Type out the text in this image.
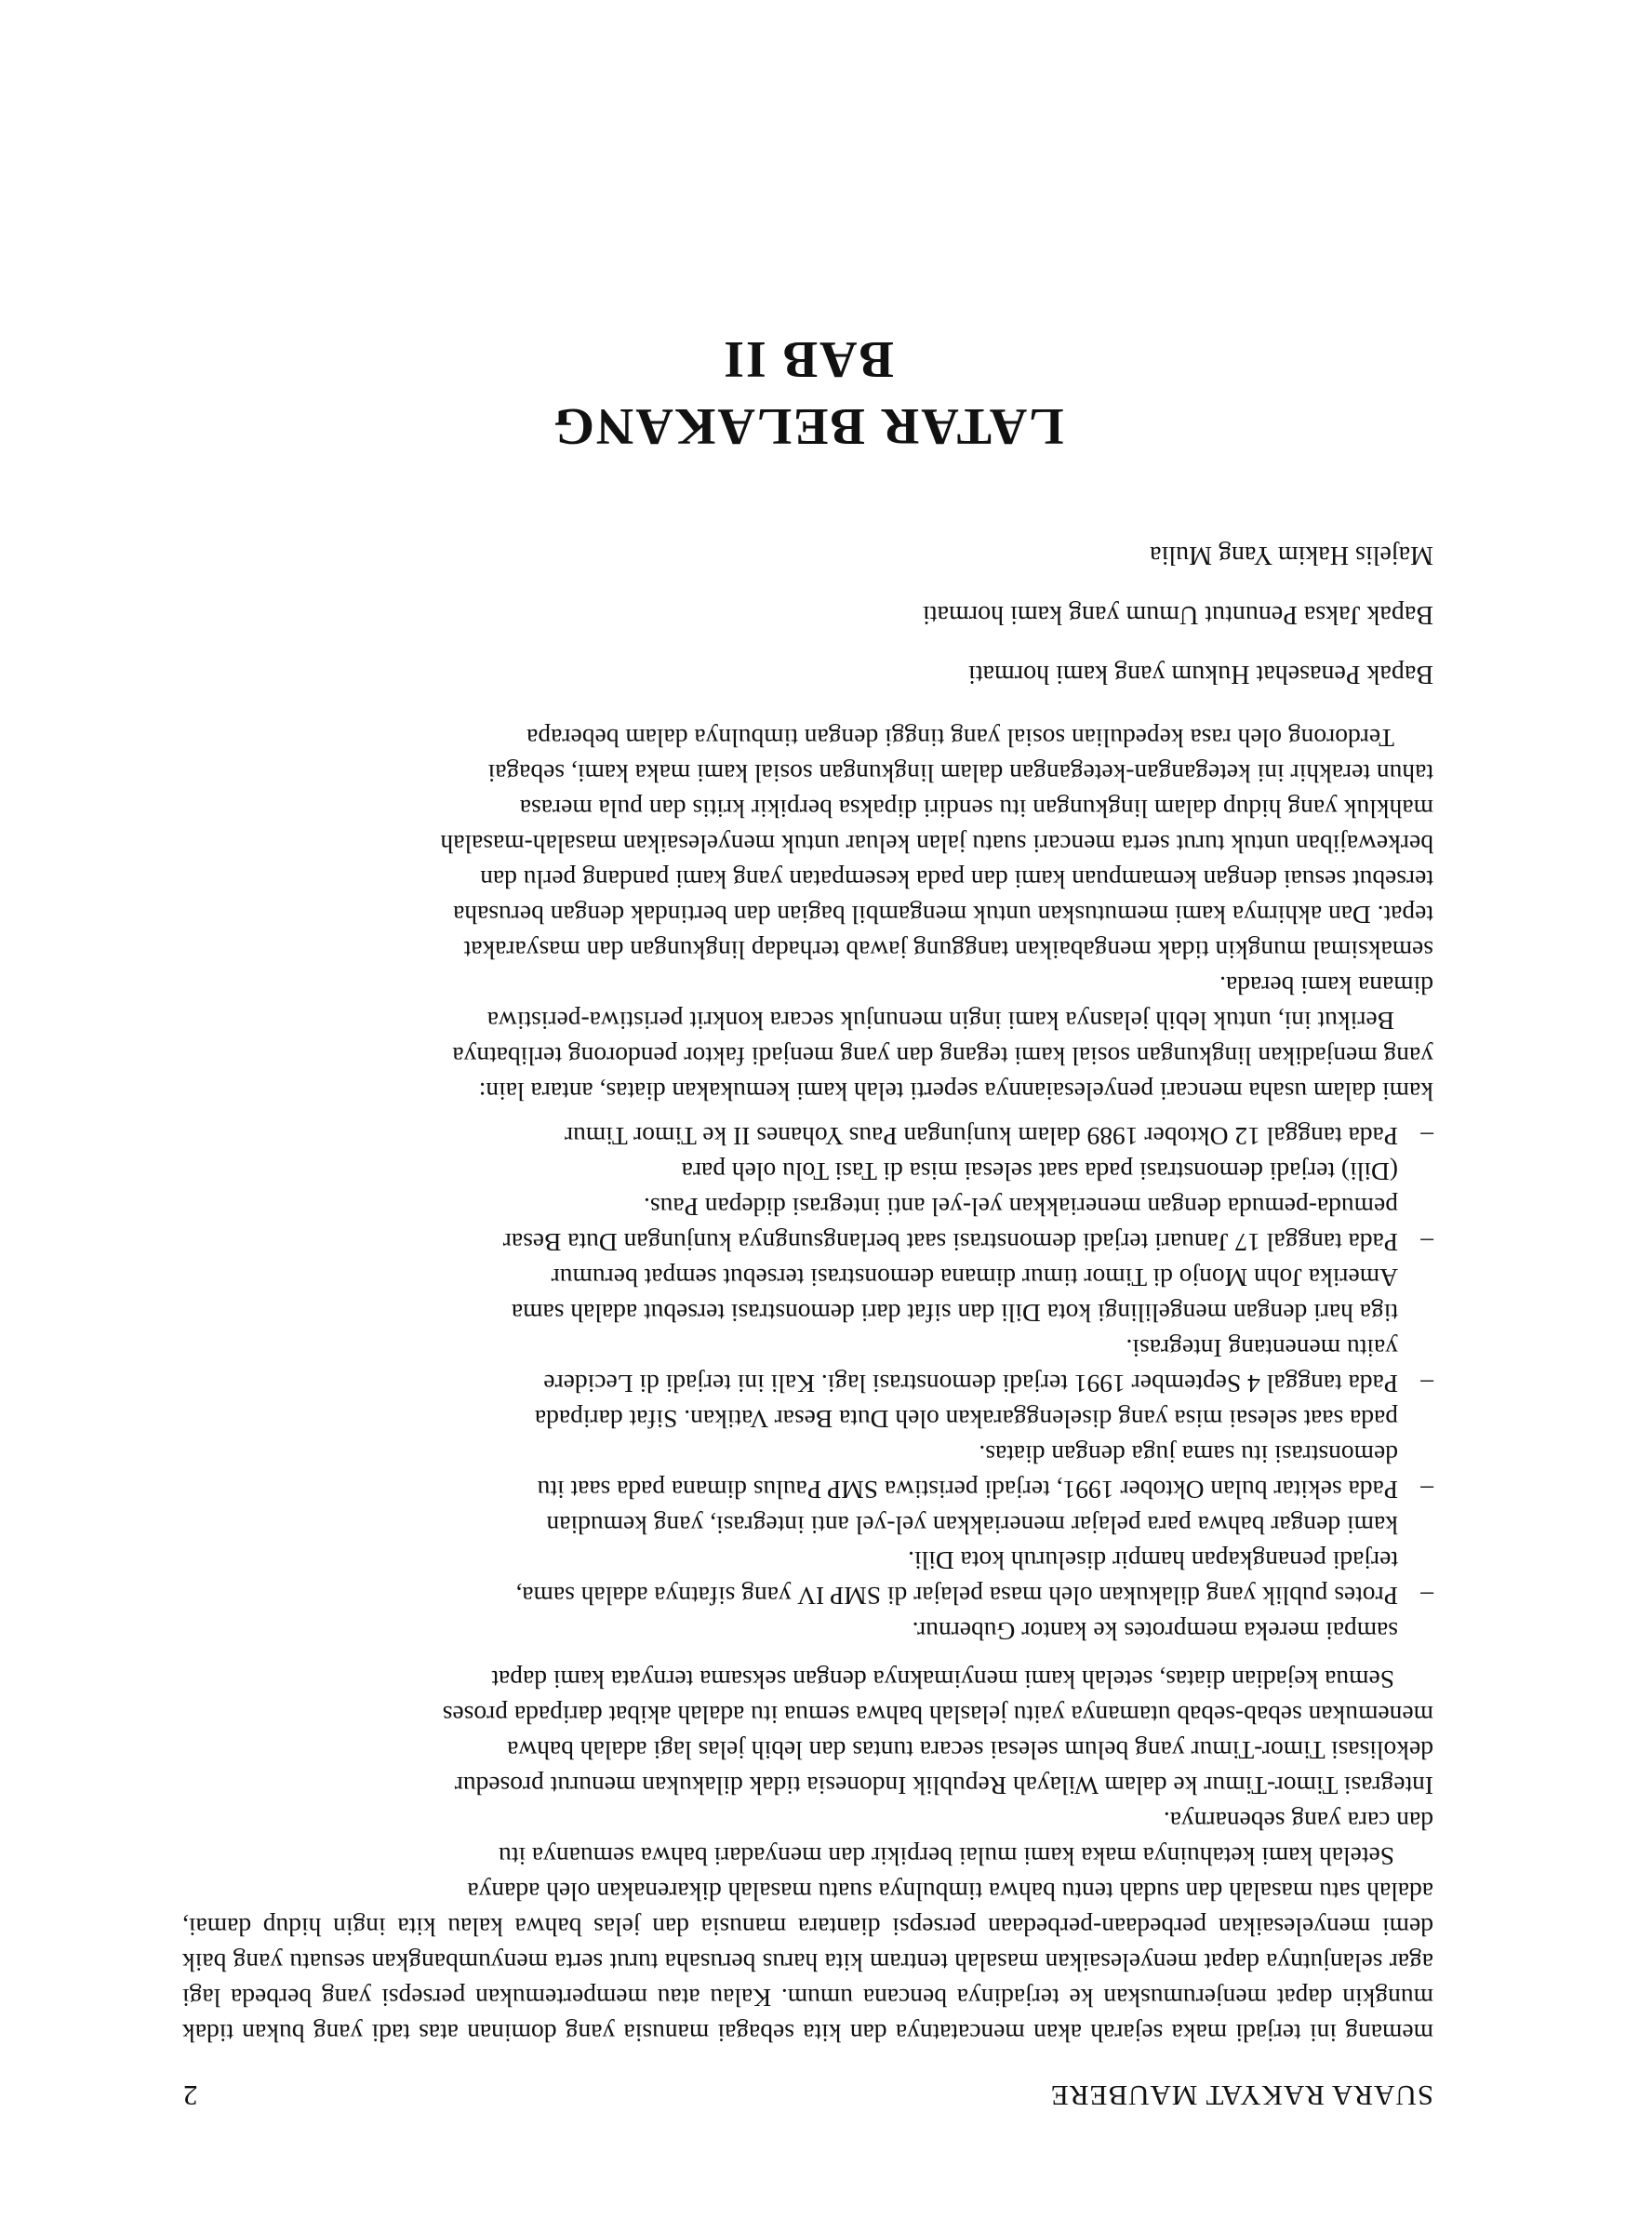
2	SUARA RAKYAT MAUBERE

memang ini terjadi maka sejarah akan mencatatnya dan kita sebagai manusia yang dominan atas tadi yang bukan tidak mungkin dapat menjerumuskan ke terjadinya bencana umum. Kalau atau mempertemukan persepsi yang berbeda lagi agar selanjutnya dapat menyelesaikan masalah tentram kita harus berusaha turut serta menyumbangkan sesuatu yang baik demi menyelesaikan perbedaan-perbedaan persepsi diantara manusia dan jelas bahwa kalau kita ingin hidup damai, adalah satu masalah dan sudah tentu bahwa timbulnya suatu masalah dikarenakan oleh adanya

Setelah kami ketahuinya maka kami mulai berpikir dan menyadari bahwa semuanya itu

dan cara yang sebenarnya.

Integrasi Timor-Timur ke dalam Wilayah Republik Indonesia tidak dilakukan menurut prosedur

dekolisasi Timor-Timur yang belum selesai secara tuntas dan lebih jelas lagi adalah bahwa

menemukan sebab-sebab utamanya yaitu jelaslah bahwa semua itu adalah akibat daripada proses

Semua kejadian diatas, setelah kami menyimaknya dengan seksama ternyata kami dapat

sampai mereka memprotes ke kantor Gubernur.
–
Protes publik yang dilakukan oleh masa pelajar di SMP IV yang sifatnya adalah sama,
terjadi penangkapan hampir diseluruh kota Dili.
kami dengar bahwa para pelajar meneriakkan yel-yel anti integrasi, yang kemudian
–
Pada sekitar bulan Oktober 1991, terjadi peristiwa SMP Paulus dimana pada saat itu
demonstrasi itu sama juga dengan diatas.
pada saat selesai misa yang diselenggarakan oleh Duta Besar Vatikan. Sifat daripada
–
Pada tanggal 4 September 1991 terjadi demonstrasi lagi. Kali ini terjadi di Lecidere
yaitu menentang Integrasi.
tiga hari dengan mengelilingi kota Dili dan sifat dari demonstrasi tersebut adalah sama
Amerika John Monjo di Timor timur dimana demonstrasi tersebut sempat berumur
–
Pada tanggal 17 Januari terjadi demonstrasi saat berlangsungnya kunjungan Duta Besar
pemuda-pemuda dengan meneriakkan yel-yel anti integrasi didepan Paus.
(Dili) terjadi demonstrasi pada saat selesai misa di Tasi Tolu oleh para
–
Pada tanggal 12 Oktober 1989 dalam kunjungan Paus Yohanes II ke Timor Timur

kami dalam usaha mencari penyelesaiannya seperti telah kami kemukakan diatas, antara lain:

yang menjadikan lingkungan sosial kami tegang dan yang menjadi faktor pendorong terlibatnya

Berikut ini, untuk lebih jelasnya kami ingin menunjuk secara konkrit peristiwa-peristiwa

dimana kami berada.

semaksimal mungkin tidak mengabaikan tanggung jawab terhadap lingkungan dan masyarakat

tepat. Dan akhirnya kami memutuskan untuk mengambil bagian dan bertindak dengan berusaha

tersebut sesuai dengan kemampuan kami dan pada kesempatan yang kami pandang perlu dan

berkewajiban untuk turut serta mencari suatu jalan keluar untuk menyelesaikan masalah-masalah

mahkluk yang hidup dalam lingkungan itu sendiri dipaksa berpikir kritis dan pula merasa

tahun terakhir ini ketegangan-ketegangan dalam lingkungan sosial kami maka kami, sebagai

Terdorong oleh rasa kepedulian sosial yang tinggi dengan timbulnya dalam beberapa

Bapak Penasehat Hukum yang kami hormati

Bapak Jaksa Penuntut Umum yang kami hormati

Majelis Hakim Yang Mulia

LATAR BELAKANG
BAB II
